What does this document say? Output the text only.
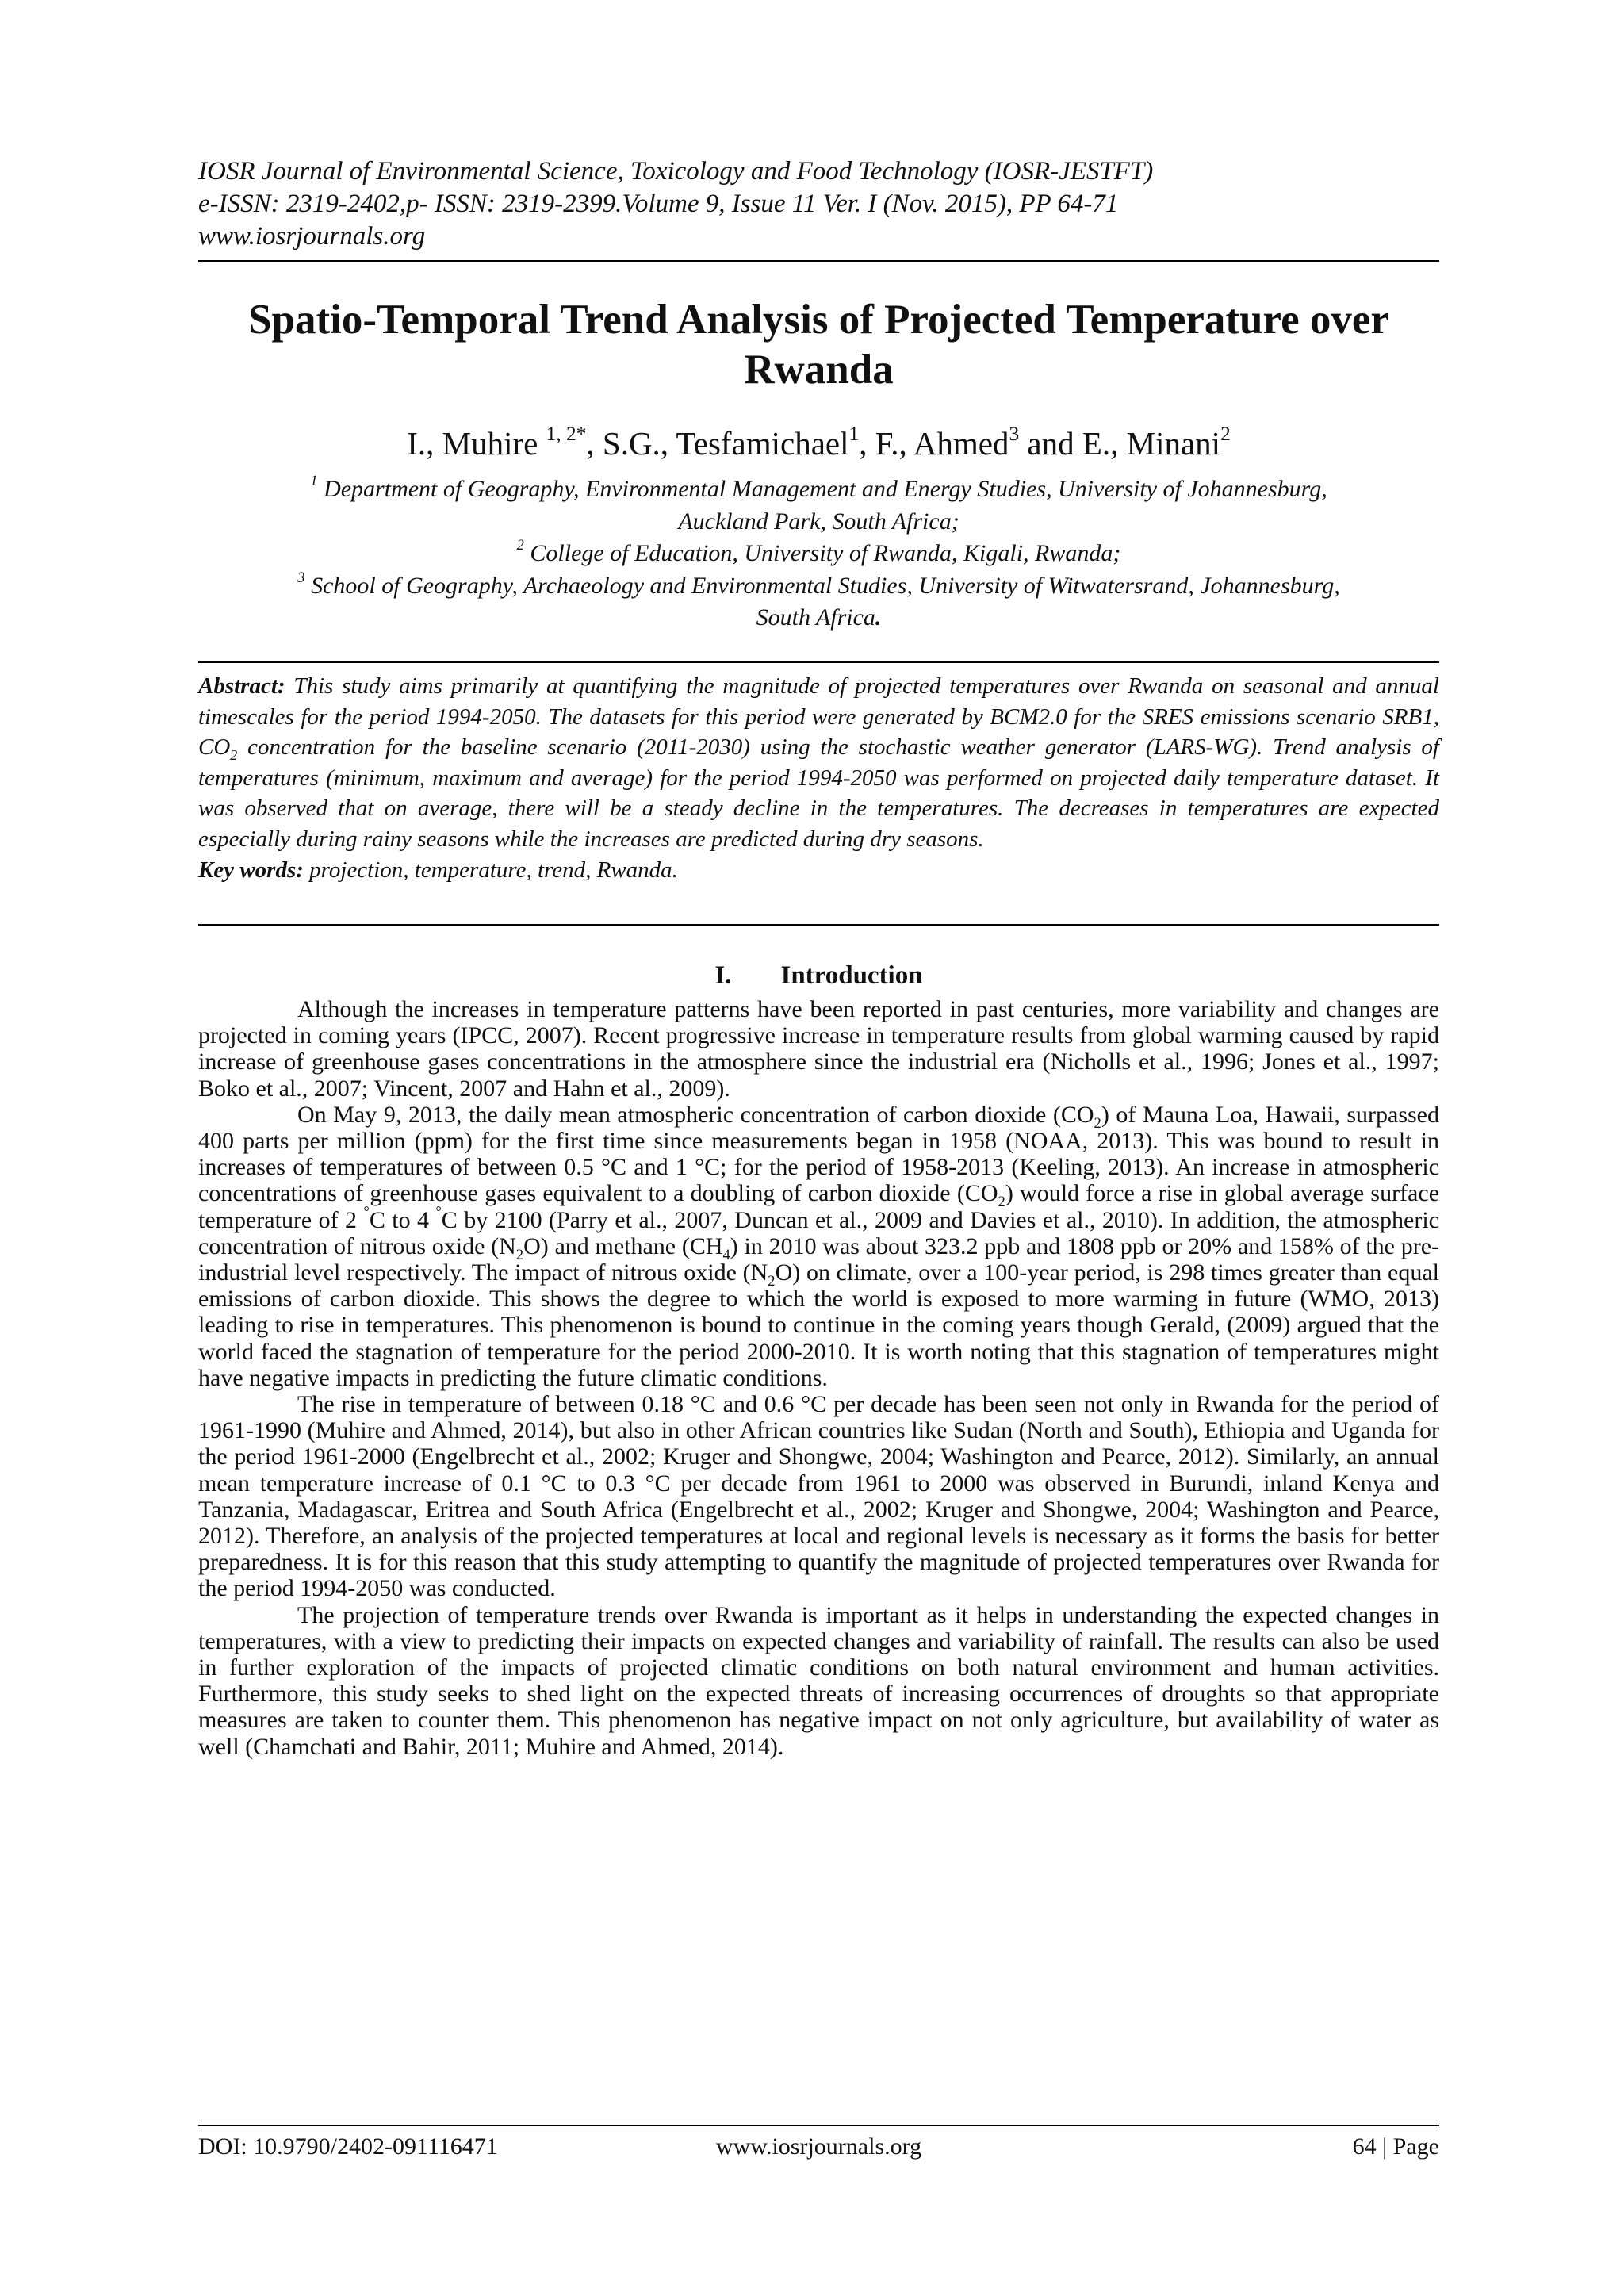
IOSR Journal of Environmental Science, Toxicology and Food Technology (IOSR-JESTFT)
e-ISSN: 2319-2402,p- ISSN: 2319-2399.Volume 9, Issue 11 Ver. I (Nov. 2015), PP 64-71
www.iosrjournals.org
Spatio-Temporal Trend Analysis of Projected Temperature over
Rwanda
I., Muhire $^{1, 2*}$, S.G., Tesfamichael$^1$, F., Ahmed$^3$ and E., Minani$^2$
$^1$ Department of Geography, Environmental Management and Energy Studies, University of Johannesburg,
Auckland Park, South Africa;
$^2$ College of Education, University of Rwanda, Kigali, Rwanda;
$^3$ School of Geography, Archaeology and Environmental Studies, University of Witwatersrand, Johannesburg,
South Africa.
Abstract: This study aims primarily at quantifying the magnitude of projected temperatures over Rwanda on seasonal and annual timescales for the period 1994-2050. The datasets for this period were generated by BCM2.0 for the SRES emissions scenario SRB1, $CO_2$ concentration for the baseline scenario (2011-2030) using the stochastic weather generator (LARS-WG). Trend analysis of temperatures (minimum, maximum and average) for the period 1994-2050 was performed on projected daily temperature dataset. It was observed that on average, there will be a steady decline in the temperatures. The decreases in temperatures are expected especially during rainy seasons while the increases are predicted during dry seasons.
Key words: projection, temperature, trend, Rwanda.
I. Introduction

Although the increases in temperature patterns have been reported in past centuries, more variability and changes are projected in coming years (IPCC, 2007). Recent progressive increase in temperature results from global warming caused by rapid increase of greenhouse gases concentrations in the atmosphere since the industrial era (Nicholls et al., 1996; Jones et al., 1997; Boko et al., 2007; Vincent, 2007 and Hahn et al., 2009).

On May 9, 2013, the daily mean atmospheric concentration of carbon dioxide $(CO_2)$ of Mauna Loa, Hawaii, surpassed 400 parts per million (ppm) for the first time since measurements began in 1958 (NOAA, 2013). This was bound to result in increases of temperatures of between 0.5 °C and 1 °C; for the period of 1958-2013 (Keeling, 2013). An increase in atmospheric concentrations of greenhouse gases equivalent to a doubling of carbon dioxide $(CO_2)$ would force a rise in global average surface temperature of 2 °C to 4 °C by 2100 (Parry et al., 2007, Duncan et al., 2009 and Davies et al., 2010). In addition, the atmospheric concentration of nitrous oxide $(N_2O)$ and methane $(CH_4)$ in 2010 was about 323.2 ppb and 1808 ppb or 20% and 158% of the pre-industrial level respectively. The impact of nitrous oxide $(N_2O)$ on climate, over a 100-year period, is 298 times greater than equal emissions of carbon dioxide. This shows the degree to which the world is exposed to more warming in future (WMO, 2013) leading to rise in temperatures. This phenomenon is bound to continue in the coming years though Gerald, (2009) argued that the world faced the stagnation of temperature for the period 2000-2010. It is worth noting that this stagnation of temperatures might have negative impacts in predicting the future climatic conditions.

The rise in temperature of between 0.18 °C and 0.6 °C per decade has been seen not only in Rwanda for the period of 1961-1990 (Muhire and Ahmed, 2014), but also in other African countries like Sudan (North and South), Ethiopia and Uganda for the period 1961-2000 (Engelbrecht et al., 2002; Kruger and Shongwe, 2004; Washington and Pearce, 2012). Similarly, an annual mean temperature increase of 0.1 °C to 0.3 °C per decade from 1961 to 2000 was observed in Burundi, inland Kenya and Tanzania, Madagascar, Eritrea and South Africa (Engelbrecht et al., 2002; Kruger and Shongwe, 2004; Washington and Pearce, 2012). Therefore, an analysis of the projected temperatures at local and regional levels is necessary as it forms the basis for better preparedness. It is for this reason that this study attempting to quantify the magnitude of projected temperatures over Rwanda for the period 1994-2050 was conducted.

The projection of temperature trends over Rwanda is important as it helps in understanding the expected changes in temperatures, with a view to predicting their impacts on expected changes and variability of rainfall. The results can also be used in further exploration of the impacts of projected climatic conditions on both natural environment and human activities. Furthermore, this study seeks to shed light on the expected threats of increasing occurrences of droughts so that appropriate measures are taken to counter them. This phenomenon has negative impact on not only agriculture, but availability of water as well (Chamchati and Bahir, 2011; Muhire and Ahmed, 2014).

DOI: 10.9790/2402-091116471	www.iosrjournals.org	64 | Page
